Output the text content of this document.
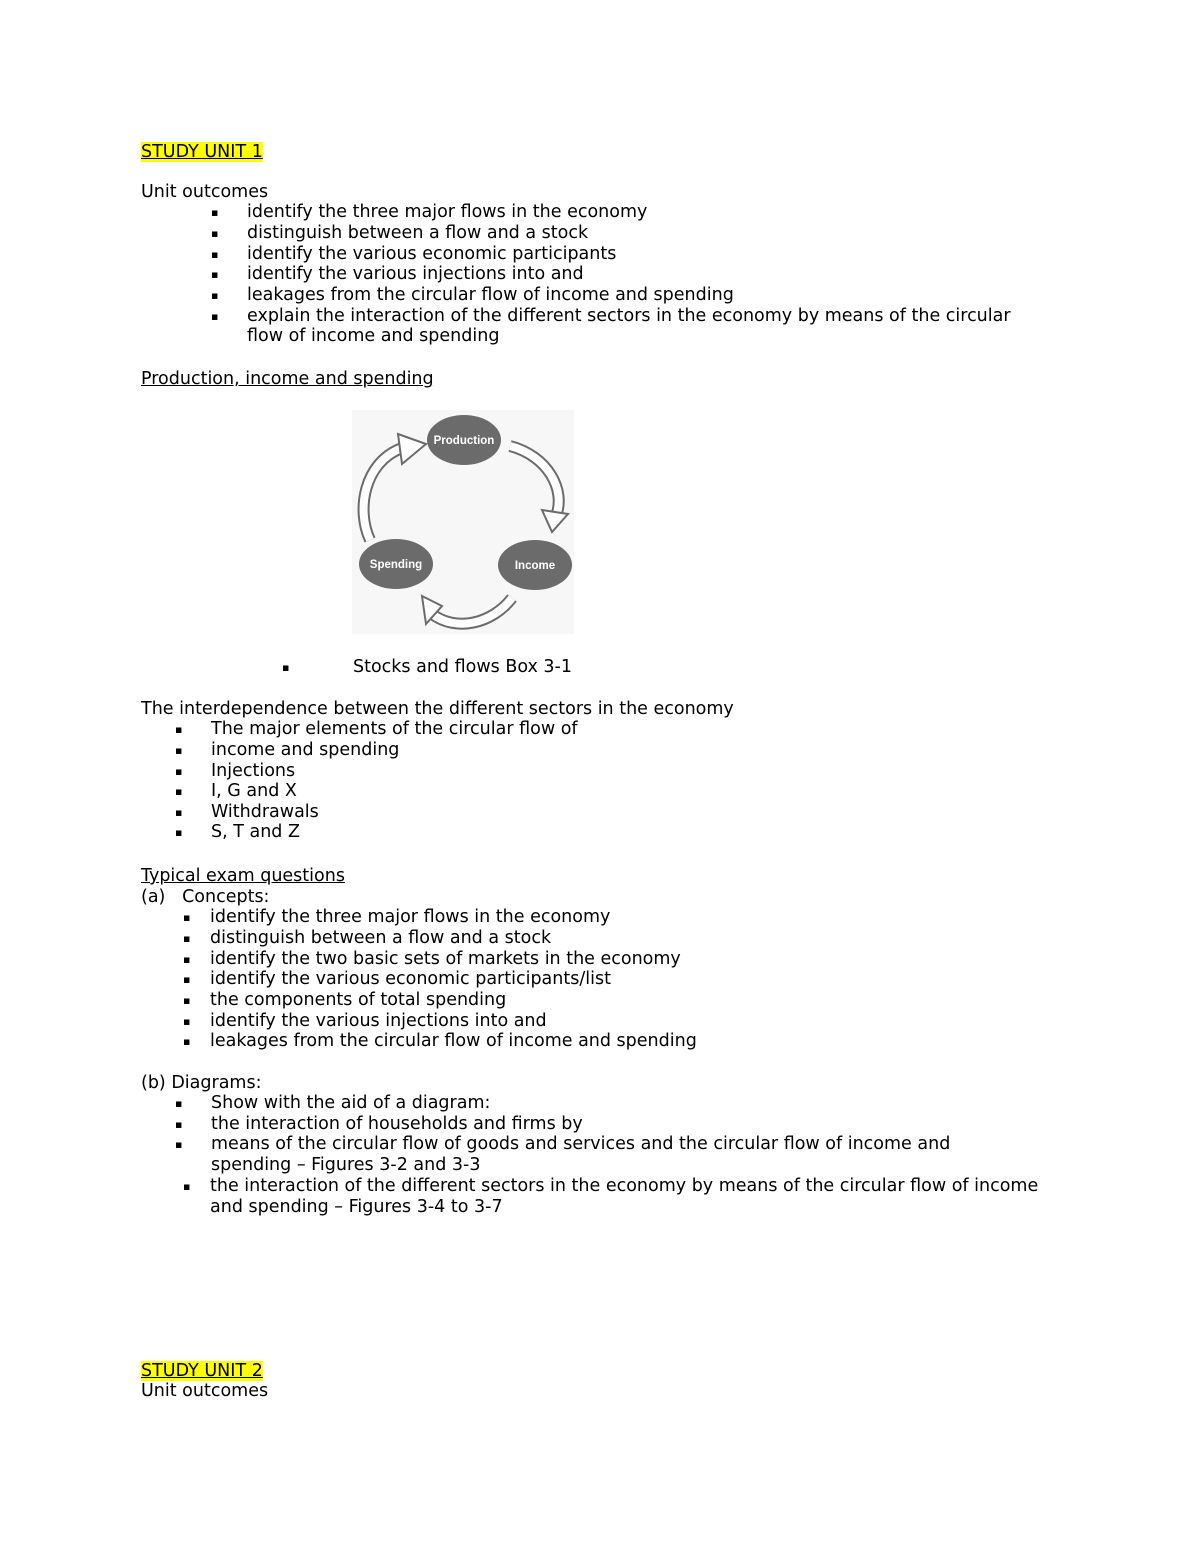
STUDY UNIT 1
Unit outcomes
▪ identify the three major flows in the economy
▪ distinguish between a flow and a stock
▪ identify the various economic participants
▪ identify the various injections into and
▪ leakages from the circular flow of income and spending
▪ explain the interaction of the different sectors in the economy by means of the circular
flow of income and spending
Production, income and spending
Production
Income
Spending
▪	Stocks and flows Box 3-1
The interdependence between the different sectors in the economy
▪ The major elements of the circular flow of
▪ income and spending
▪ Injections
▪ I, G and X
▪ Withdrawals
▪ S, T and Z
Typical exam questions
(a)   Concepts:
▪ identify the three major flows in the economy
▪ distinguish between a flow and a stock
▪ identify the two basic sets of markets in the economy
▪ identify the various economic participants/list
▪ the components of total spending
▪ identify the various injections into and
▪ leakages from the circular flow of income and spending
(b) Diagrams:
▪ Show with the aid of a diagram:
▪ the interaction of households and firms by
▪ means of the circular flow of goods and services and the circular flow of income and
spending – Figures 3-2 and 3-3
▪ the interaction of the different sectors in the economy by means of the circular flow of income
and spending – Figures 3-4 to 3-7
STUDY UNIT 2
Unit outcomes
